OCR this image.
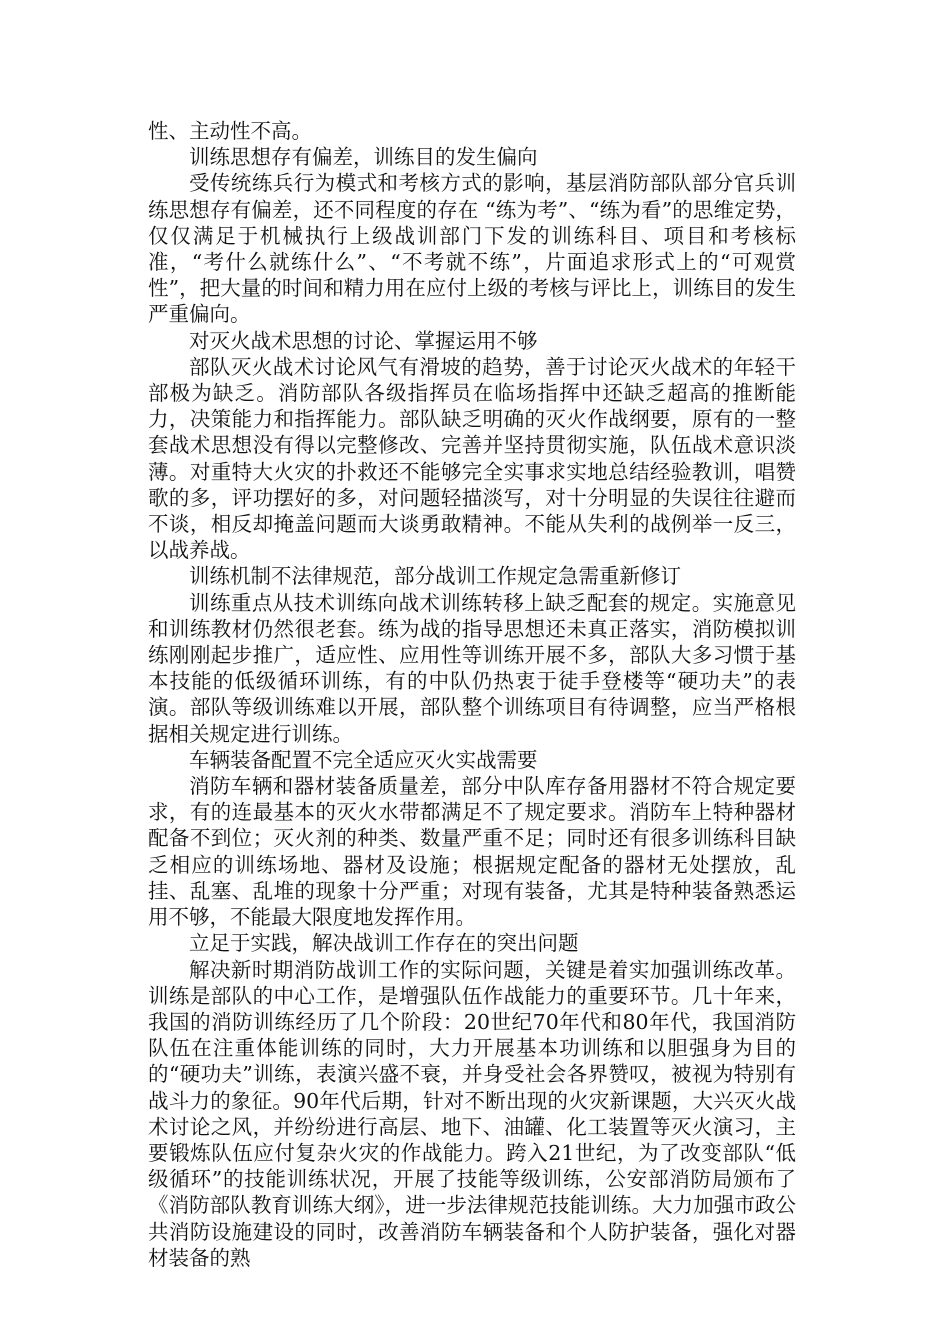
性、主动性不高。

训练思想存有偏差，训练目的发生偏向

受传统练兵行为模式和考核方式的影响，基层消防部队部分官兵训练思想存有偏差，还不同程度的存在 “练为考”、“练为看”的思维定势，仅仅满足于机械执行上级战训部门下发的训练科目、项目和考核标准，“考什么就练什么”、“不考就不练”，片面追求形式上的“可观赏性”，把大量的时间和精力用在应付上级的考核与评比上，训练目的发生严重偏向。

对灭火战术思想的讨论、掌握运用不够

部队灭火战术讨论风气有滑坡的趋势，善于讨论灭火战术的年轻干部极为缺乏。消防部队各级指挥员在临场指挥中还缺乏超高的推断能力，决策能力和指挥能力。部队缺乏明确的灭火作战纲要，原有的一整套战术思想没有得以完整修改、完善并坚持贯彻实施，队伍战术意识淡薄。对重特大火灾的扑救还不能够完全实事求实地总结经验教训，唱赞歌的多，评功摆好的多，对问题轻描淡写，对十分明显的失误往往避而不谈，相反却掩盖问题而大谈勇敢精神。不能从失利的战例举一反三，以战养战。

训练机制不法律规范，部分战训工作规定急需重新修订

训练重点从技术训练向战术训练转移上缺乏配套的规定。实施意见和训练教材仍然很老套。练为战的指导思想还未真正落实，消防模拟训练刚刚起步推广，适应性、应用性等训练开展不多，部队大多习惯于基本技能的低级循环训练，有的中队仍热衷于徒手登楼等“硬功夫”的表演。部队等级训练难以开展，部队整个训练项目有待调整，应当严格根据相关规定进行训练。

车辆装备配置不完全适应灭火实战需要

消防车辆和器材装备质量差，部分中队库存备用器材不符合规定要求，有的连最基本的灭火水带都满足不了规定要求。消防车上特种器材配备不到位；灭火剂的种类、数量严重不足；同时还有很多训练科目缺乏相应的训练场地、器材及设施；根据规定配备的器材无处摆放，乱挂、乱塞、乱堆的现象十分严重；对现有装备，尤其是特种装备熟悉运用不够，不能最大限度地发挥作用。

立足于实践，解决战训工作存在的突出问题

解决新时期消防战训工作的实际问题，关键是着实加强训练改革。训练是部队的中心工作，是增强队伍作战能力的重要环节。几十年来，我国的消防训练经历了几个阶段：20世纪70年代和80年代，我国消防队伍在注重体能训练的同时，大力开展基本功训练和以胆强身为目的的“硬功夫”训练，表演兴盛不衰，并身受社会各界赞叹，被视为特别有战斗力的象征。90年代后期，针对不断出现的火灾新课题，大兴灭火战术讨论之风，并纷纷进行高层、地下、油罐、化工装置等灭火演习，主要锻炼队伍应付复杂火灾的作战能力。跨入21世纪，为了改变部队“低级循环”的技能训练状况，开展了技能等级训练，公安部消防局颁布了《消防部队教育训练大纲》，进一步法律规范技能训练。大力加强市政公共消防设施建设的同时，改善消防车辆装备和个人防护装备，强化对器材装备的熟
